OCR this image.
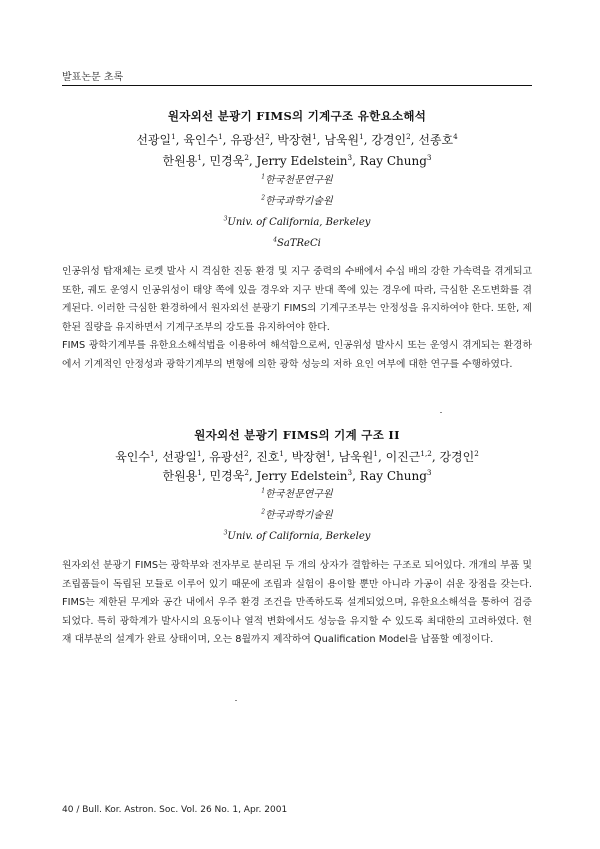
발표논문 초록
원자외선 분광기 FIMS의 기계구조 유한요소해석
선광일$^1$, 육인수$^1$, 유광선$^2$, 박장현$^1$, 남욱원$^1$, 강경인$^2$, 선종호$^4$
한원용$^1$, 민경욱$^2$, Jerry Edelstein$^3$, Ray Chung$^3$
$^1$한국천문연구원
$^2$한국과학기술원
$^3$Univ. of California, Berkeley
$^4$SaTReCi

인공위성 탑재체는 로켓 발사 시 격심한 진동 환경 및 지구 중력의 수배에서 수십 배의 강한 가속력을 겪게되고 또한, 궤도 운영시 인공위성이 태양 쪽에 있을 경우와 지구 반대 쪽에 있는 경우에 따라, 극심한 온도변화를 겪게된다. 이러한 극심한 환경하에서 원자외선 분광기 FIMS의 기계구조부는 안정성을 유지하여야 한다. 또한, 제한된 질량을 유지하면서 기계구조부의 강도를 유지하여야 한다.

FIMS 광학기계부를 유한요소해석법을 이용하여 해석함으로써, 인공위성 발사시 또는 운영시 겪게되는 환경하에서 기계적인 안정성과 광학기계부의 변형에 의한 광학 성능의 저하 요인 여부에 대한 연구를 수행하였다.

원자외선 분광기 FIMS의 기계 구조 II
육인수$^1$, 선광일$^1$, 유광선$^2$, 진호$^1$, 박장현$^1$, 남욱원$^1$, 이진근$^{1,2}$, 강경인$^2$
한원용$^1$, 민경욱$^2$, Jerry Edelstein$^3$, Ray Chung$^3$
$^1$한국천문연구원
$^2$한국과학기술원
$^3$Univ. of California, Berkeley

원자외선 분광기 FIMS는 광학부와 전자부로 분리된 두 개의 상자가 결합하는 구조로 되어있다. 개개의 부품 및 조립품들이 독립된 모듈로 이루어 있기 때문에 조립과 실험이 용이할 뿐만 아니라 가공이 쉬운 장점을 갖는다. FIMS는 제한된 무게와 공간 내에서 우주 환경 조건을 만족하도록 설계되었으며, 유한요소해석을 통하여 검증되었다. 특히 광학계가 발사시의 요동이나 열적 변화에서도 성능을 유지할 수 있도록 최대한의 고려하였다. 현재 대부분의 설계가 완료 상태이며, 오는 8월까지 제작하여 Qualification Model을 납품할 예정이다.

40 / Bull. Kor. Astron. Soc. Vol. 26 No. 1, Apr. 2001
